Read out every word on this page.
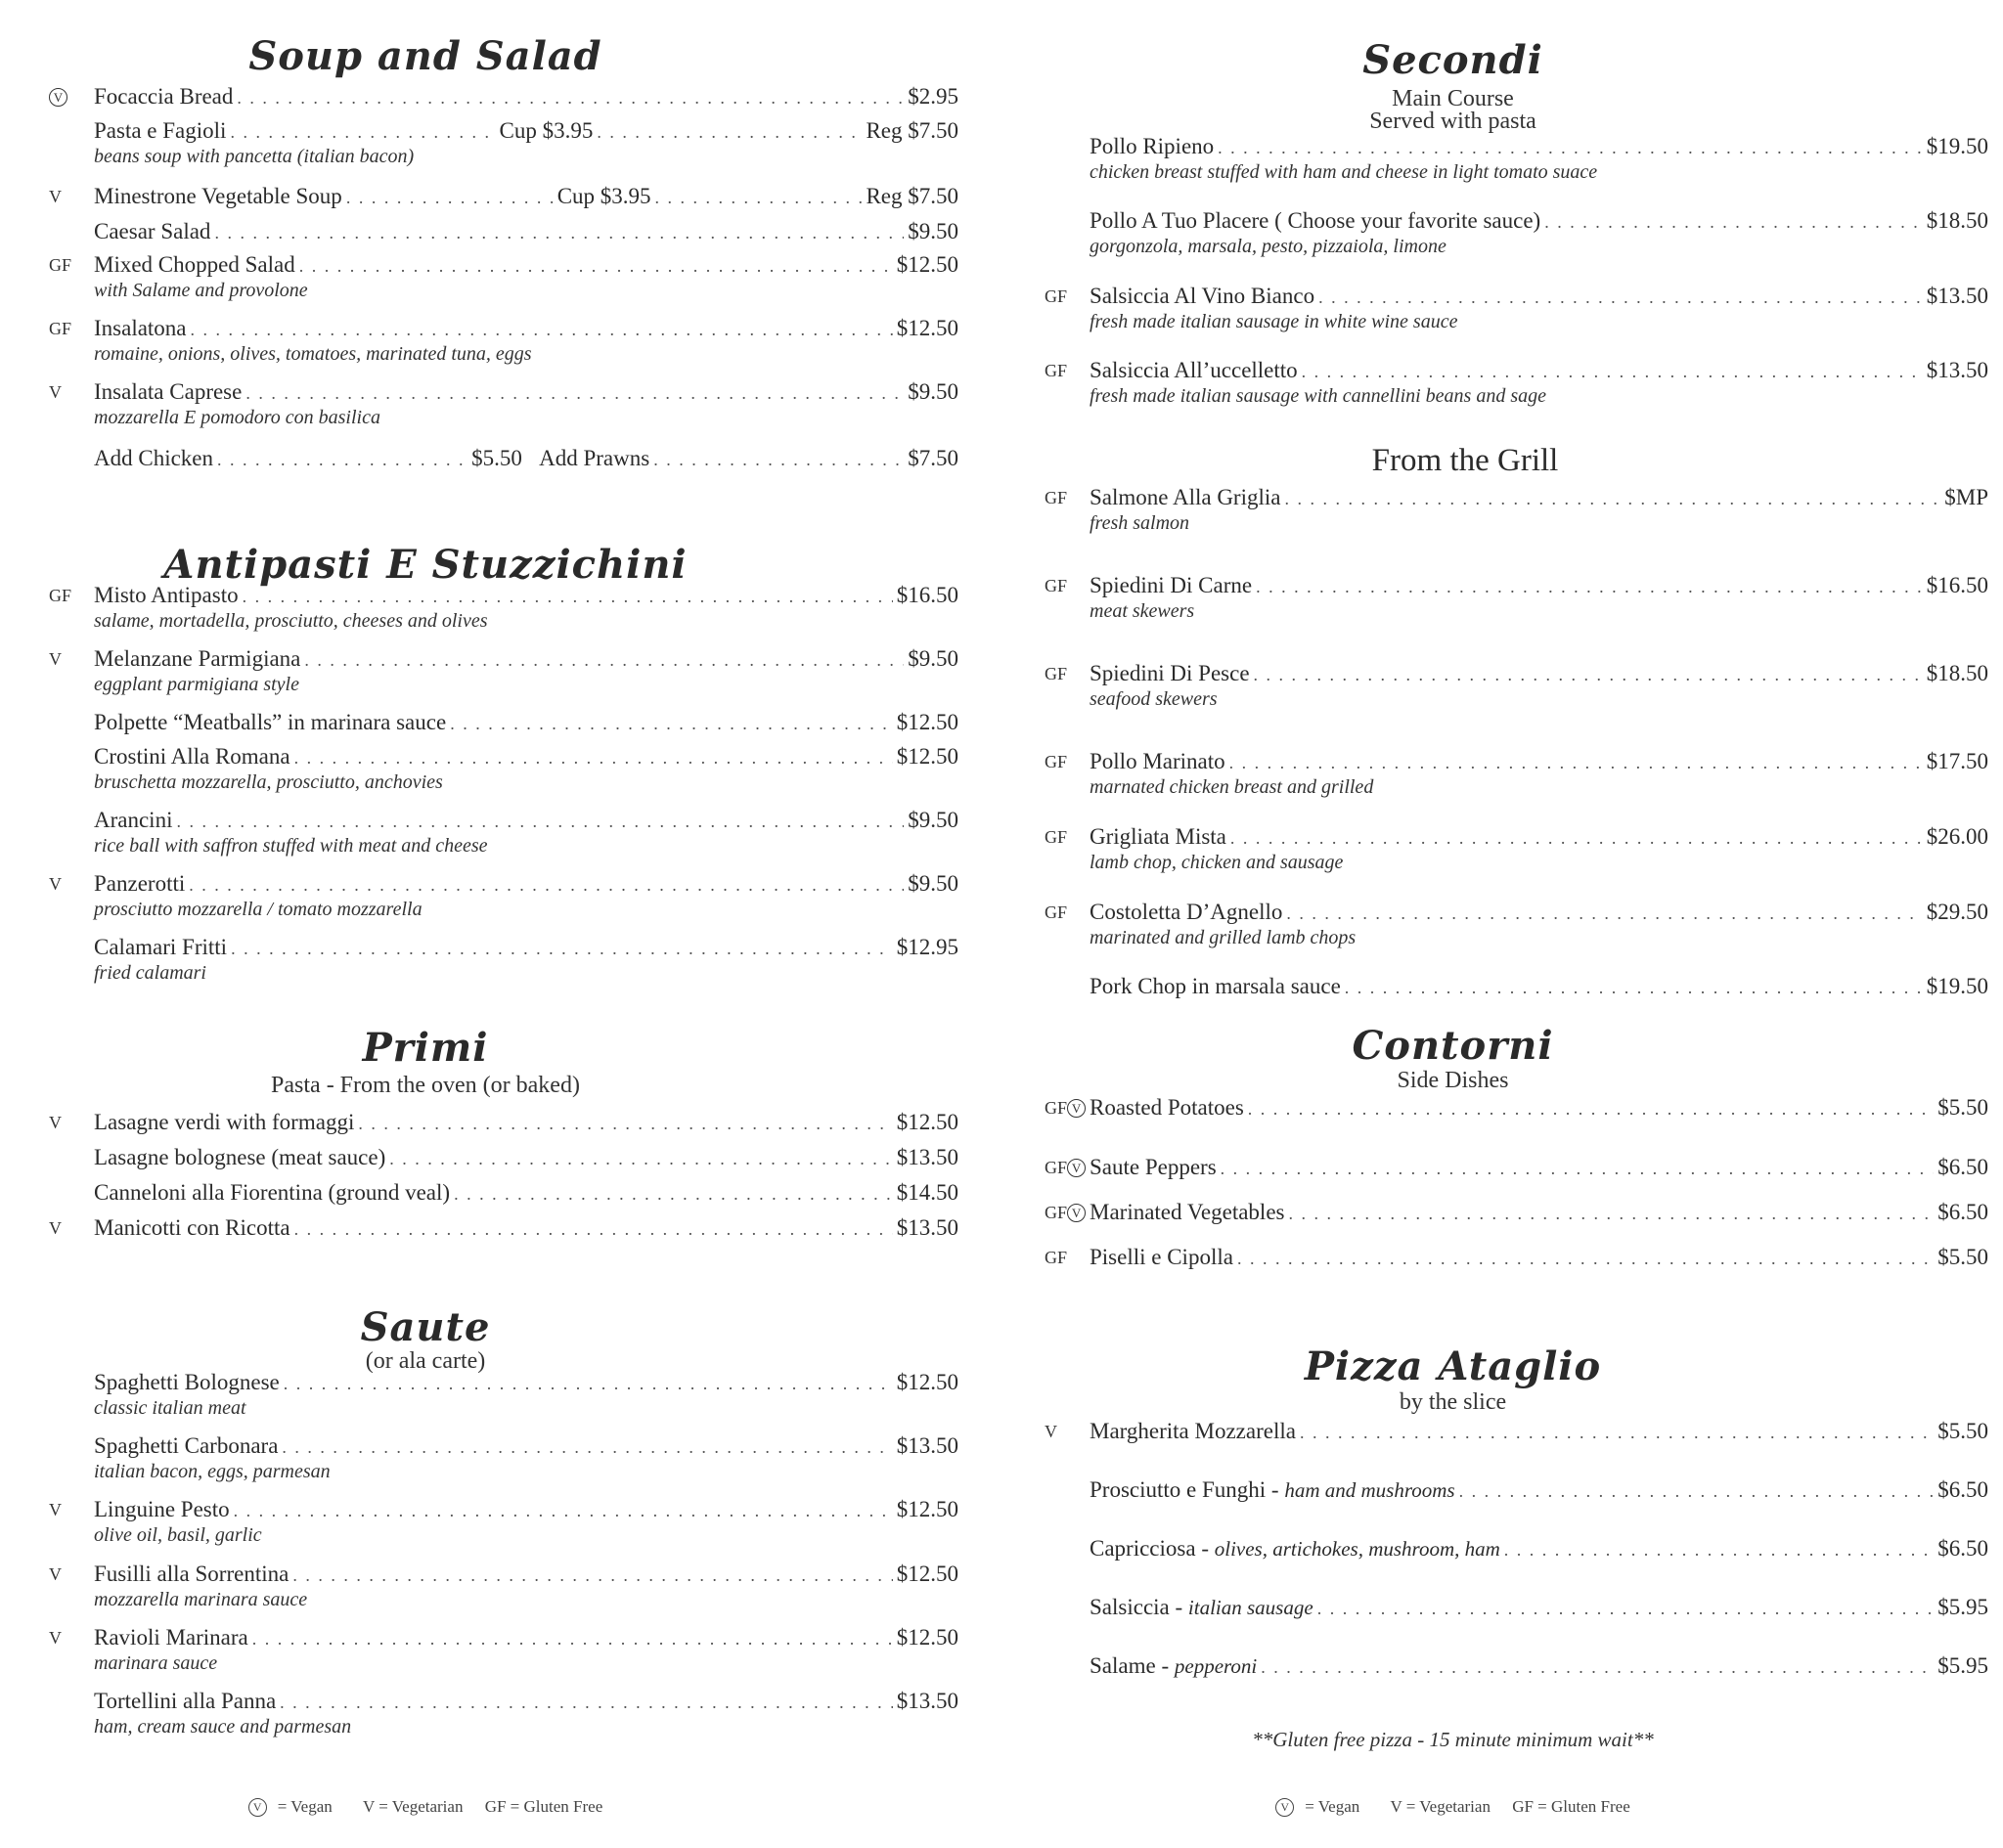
Soup and Salad
Antipasti E Stuzzichini
Primi
Pasta - From the oven (or baked)
Saute
(or ala carte)
V = Vegan V = Vegetarian GF = Gluten Free
V	Focaccia Bread . . .	$2.95
Pasta e Fagioli . . .	Cup $3.95 . . .	Reg $7.50
beans soup with pancetta (italian bacon)
V	Minestrone Vegetable Soup . . .	Cup $3.95 . . .	Reg $7.50
Caesar Salad . . .	$9.50
GF Mixed Chopped Salad . . .	$12.50
with Salame and provolone
GF Insalatona . . .	$12.50
romaine, onions, olives, tomatoes, marinated tuna, eggs
V	Insalata Caprese . . .	$9.50
mozzarella E pomodoro con basilica
Add Chicken . . .	$5.50
Add Prawns . . .	$7.50
GF Misto Antipasto . . .	$16.50
salame, mortadella, prosciutto, cheeses and olives
V	Melanzane Parmigiana . . .	$9.50
eggplant parmigiana style
Polpette “Meatballs” in marinara sauce . . .	$12.50
Crostini Alla Romana . . .	$12.50
bruschetta mozzarella, prosciutto, anchovies
Arancini . . .	$9.50
rice ball with saffron stuffed with meat and cheese
V	Panzerotti . . .	$9.50
prosciutto mozzarella / tomato mozzarella
Calamari Fritti . . .	$12.95
fried calamari
V	Lasagne verdi with formaggi . . .	$12.50
Lasagne bolognese (meat sauce) . . .	$13.50
Canneloni alla Fiorentina (ground veal) . . .	$14.50
V	Manicotti con Ricotta . . .	$13.50
Spaghetti Bolognese . . .	$12.50
classic italian meat
Spaghetti Carbonara . . .	$13.50
italian bacon, eggs, parmesan
V	Linguine Pesto . . .	$12.50
olive oil, basil, garlic
V	Fusilli alla Sorrentina . . .	$12.50
mozzarella marinara sauce
V	Ravioli Marinara . . .	$12.50
marinara sauce
Tortellini alla Panna . . .	$13.50
ham, cream sauce and parmesan
Secondi
Main Course
Served with pasta
From the Grill
Contorni
Side Dishes
Pizza Ataglio
by the slice
**Gluten free pizza - 15 minute minimum wait**
V = Vegan V = Vegetarian GF = Gluten Free
Pollo Ripieno . . .	$19.50
chicken breast stuffed with ham and cheese in light tomato suace
Pollo A Tuo Placere ( Choose your favorite sauce) . . .	$18.50
gorgonzola, marsala, pesto, pizzaiola, limone
GF Salsiccia Al Vino Bianco . . .	$13.50
fresh made italian sausage in white wine sauce
GF Salsiccia All’uccelletto . . .	$13.50
fresh made italian sausage with cannellini beans and sage
GF Salmone Alla Griglia . . .	$MP
fresh salmon
GF Spiedini Di Carne . . .	$16.50
meat skewers
GF Spiedini Di Pesce . . .	$18.50
seafood skewers
GF Pollo Marinato . . .	$17.50
marnated chicken breast and grilled
GF Grigliata Mista . . .	$26.00
lamb chop, chicken and sausage
GF Costoletta D’Agnello . . .	$29.50
marinated and grilled lamb chops
Pork Chop in marsala sauce . . .	$19.50
GF V Roasted Potatoes . . .	$5.50
GF V Saute Peppers . . .	$6.50
GF V Marinated Vegetables . . .	$6.50
GF Piselli e Cipolla . . .	$5.50
V	Margherita Mozzarella . . .	$5.50
Prosciutto e Funghi - ham and mushrooms . . .	$6.50
Capricciosa - olives, artichokes, mushroom, ham . . .	$6.50
Salsiccia - italian sausage . . .	$5.95
Salame - pepperoni . . .	$5.95
